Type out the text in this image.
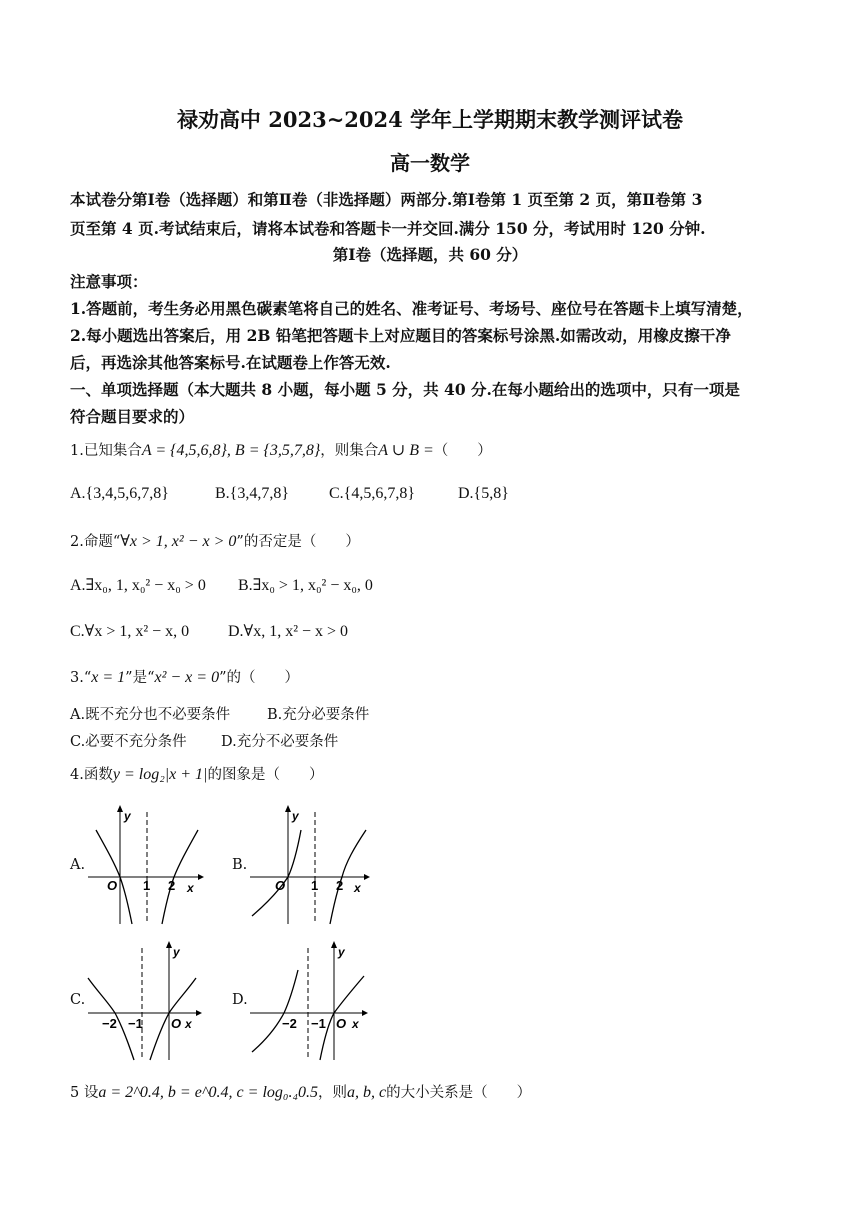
禄劝高中 2023~2024 学年上学期期末教学测评试卷
高一数学
本试卷分第Ⅰ卷（选择题）和第Ⅱ卷（非选择题）两部分.第Ⅰ卷第 1 页至第 2 页，第Ⅱ卷第 3
页至第 4 页.考试结束后，请将本试卷和答题卡一并交回.满分 150 分，考试用时 120 分钟.
第Ⅰ卷（选择题，共 60 分）
注意事项：
1.答题前，考生务必用黑色碳素笔将自己的姓名、准考证号、考场号、座位号在答题卡上填写清楚，
2.每小题选出答案后，用 2B 铅笔把答题卡上对应题目的答案标号涂黑.如需改动，用橡皮擦干净
后，再选涂其他答案标号.在试题卷上作答无效.
一、单项选择题（本大题共 8 小题，每小题 5 分，共 40 分.在每小题给出的选项中，只有一项是
符合题目要求的）
1.已知集合A = {4,5,6,8}, B = {3,5,7,8}，则集合A ∪ B =（　　）
A.{3,4,5,6,7,8}	B.{3,4,7,8} C.{4,5,6,7,8}	D.{5,8}
2.命题“∀x > 1, x² − x > 0”的否定是（　　）
A.∃x₀, 1, x₀² − x₀ > 0 B.∃x₀ > 1, x₀² − x₀, 0
C.∀x > 1, x² − x, 0 D.∀x, 1, x² − x > 0
3.“x = 1”是“x² − x = 0”的（　　）
A.既不充分也不必要条件	B.充分必要条件
C.必要不充分条件 D.充分不必要条件
4.函数y = log₂|x + 1|的图象是（　　）
A.
y
x
O 1 2
B.
y
x
O 1 2
C.
y
x
−2 −1 O
D.
y
x
−2 −1 O
5 设a = 2^0.4, b = e^0.4, c = log₀.₄0.5，则a, b, c的大小关系是（　　）
